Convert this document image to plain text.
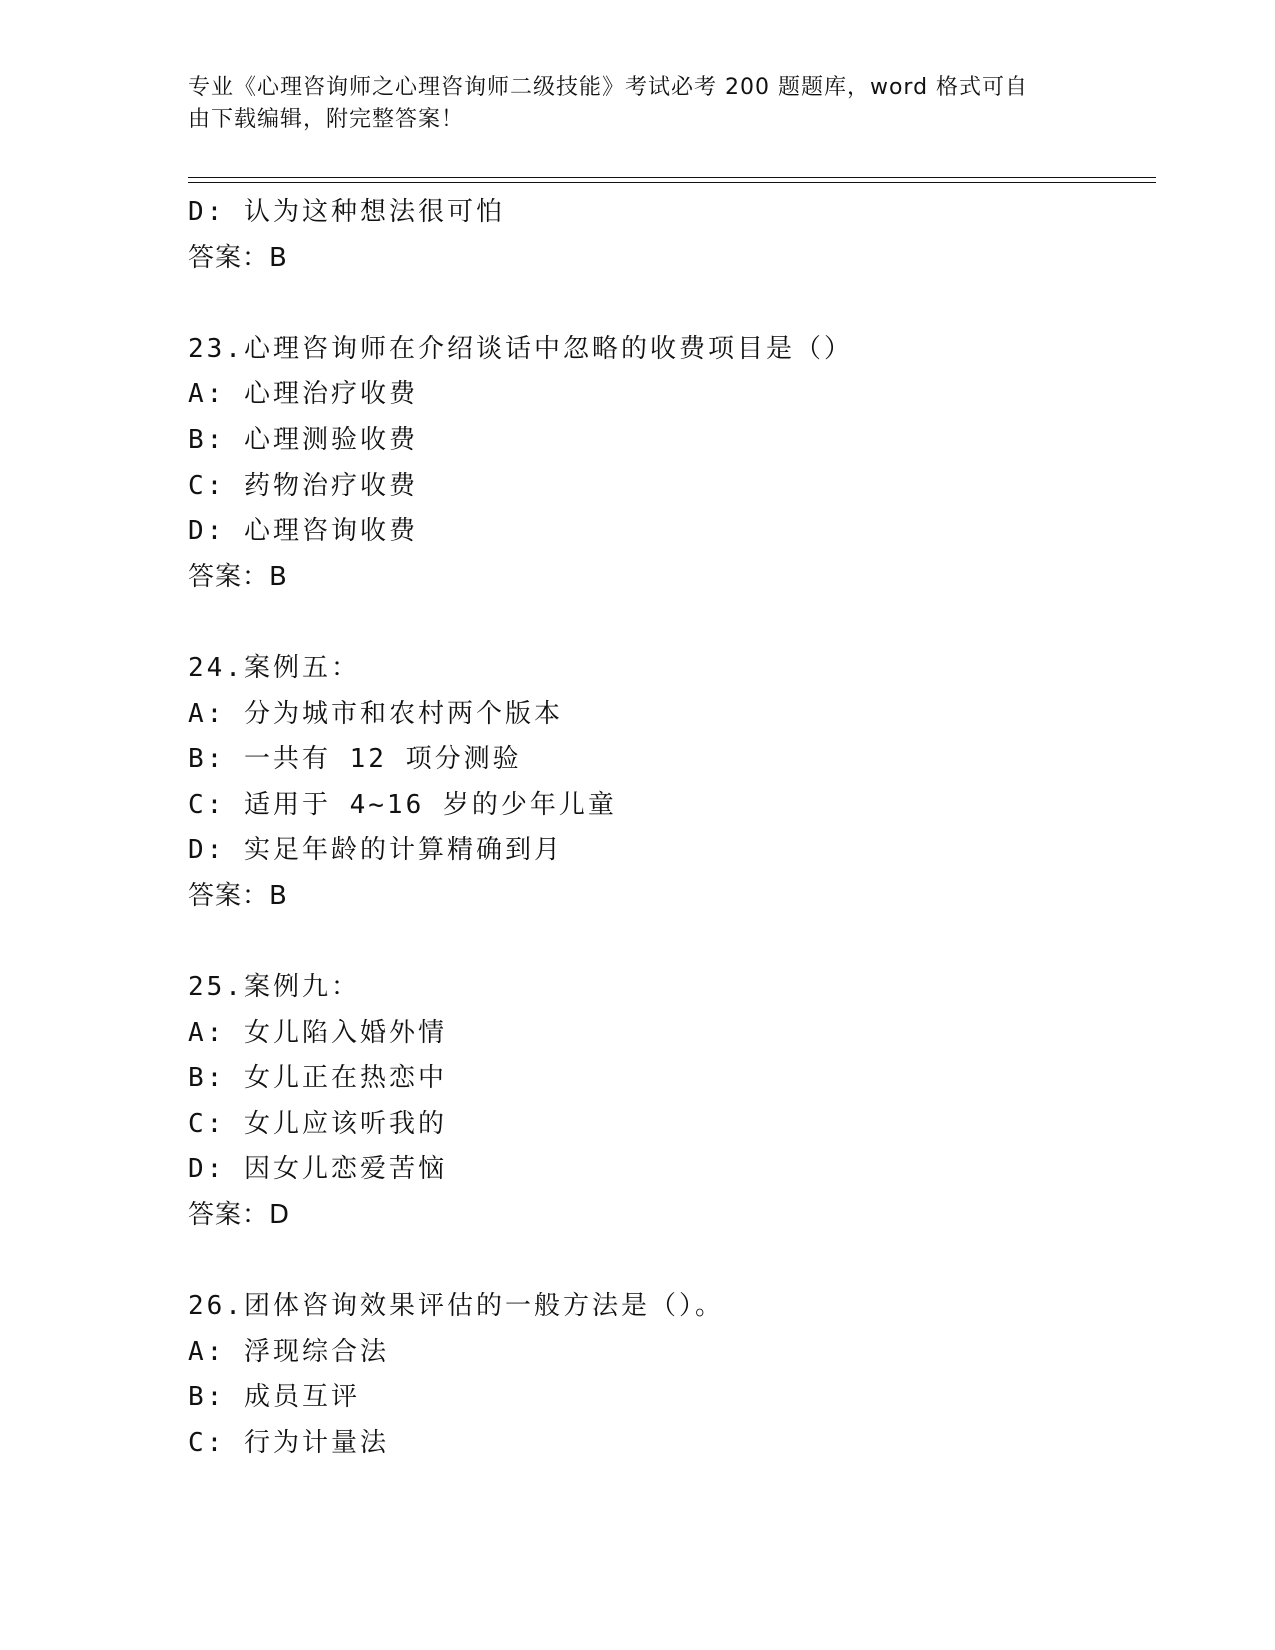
专业《心理咨询师之心理咨询师二级技能》考试必考 200 题题库，word 格式可自
由下载编辑，附完整答案！
D: 认为这种想法很可怕
答案：B
23.心理咨询师在介绍谈话中忽略的收费项目是（）
A: 心理治疗收费
B: 心理测验收费
C: 药物治疗收费
D: 心理咨询收费
答案：B
24.案例五：
A: 分为城市和农村两个版本
B: 一共有 12 项分测验
C: 适用于 4~16 岁的少年儿童
D: 实足年龄的计算精确到月
答案：B
25.案例九：
A: 女儿陷入婚外情
B: 女儿正在热恋中
C: 女儿应该听我的
D: 因女儿恋爱苦恼
答案：D
26.团体咨询效果评估的一般方法是（）。
A: 浮现综合法
B: 成员互评
C: 行为计量法
